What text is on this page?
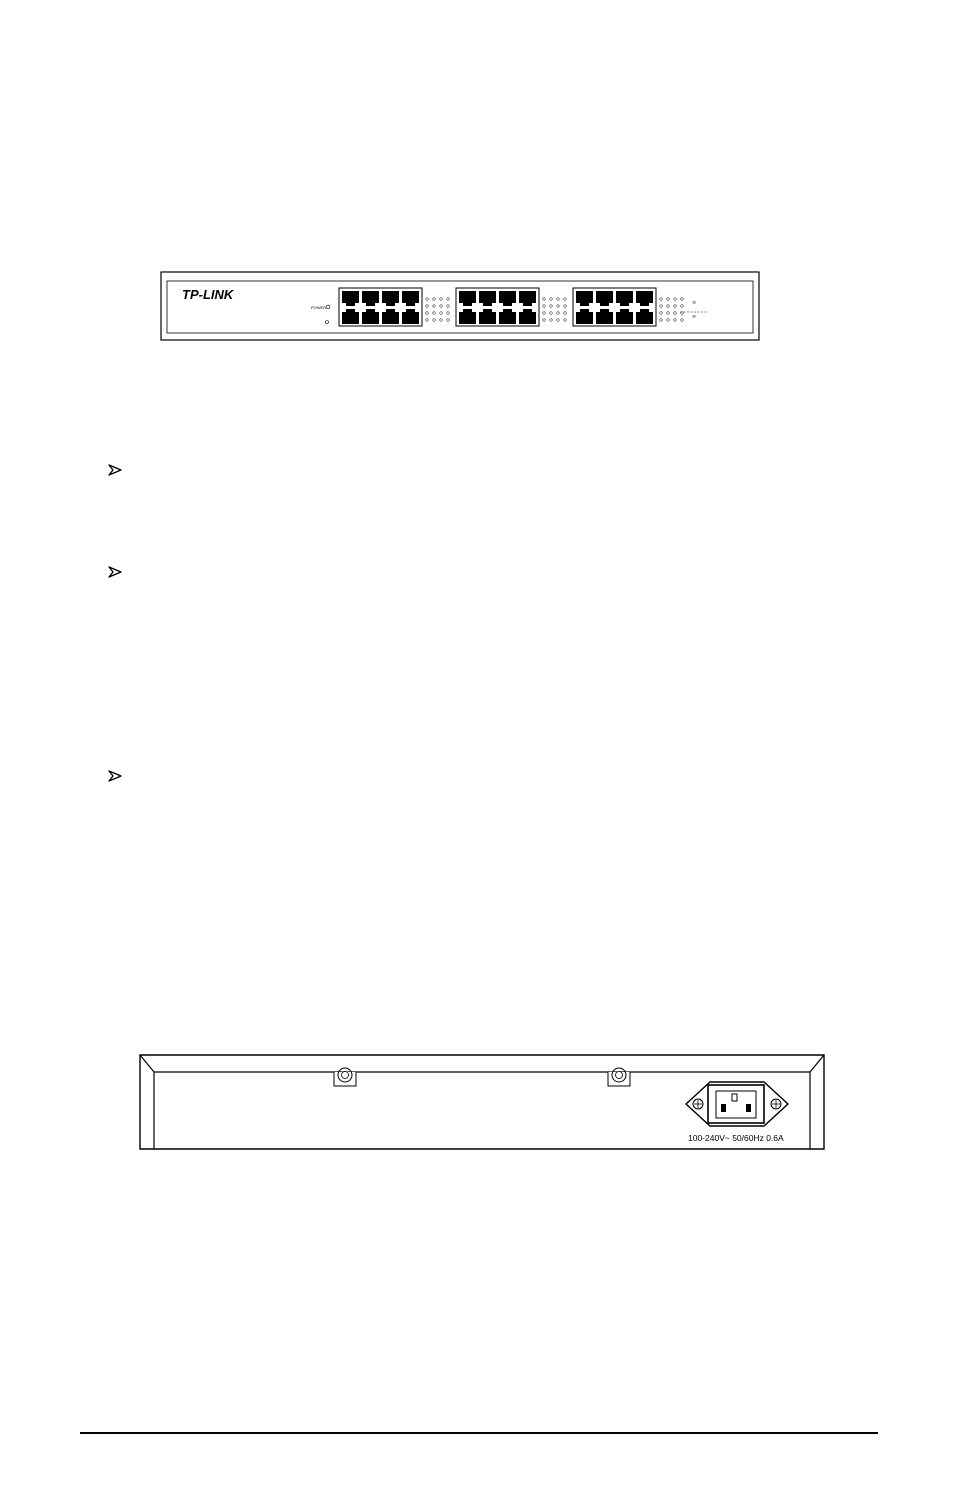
TP-LINK
POWER
≍
≍
100-240V~ 50/60Hz 0.6A
